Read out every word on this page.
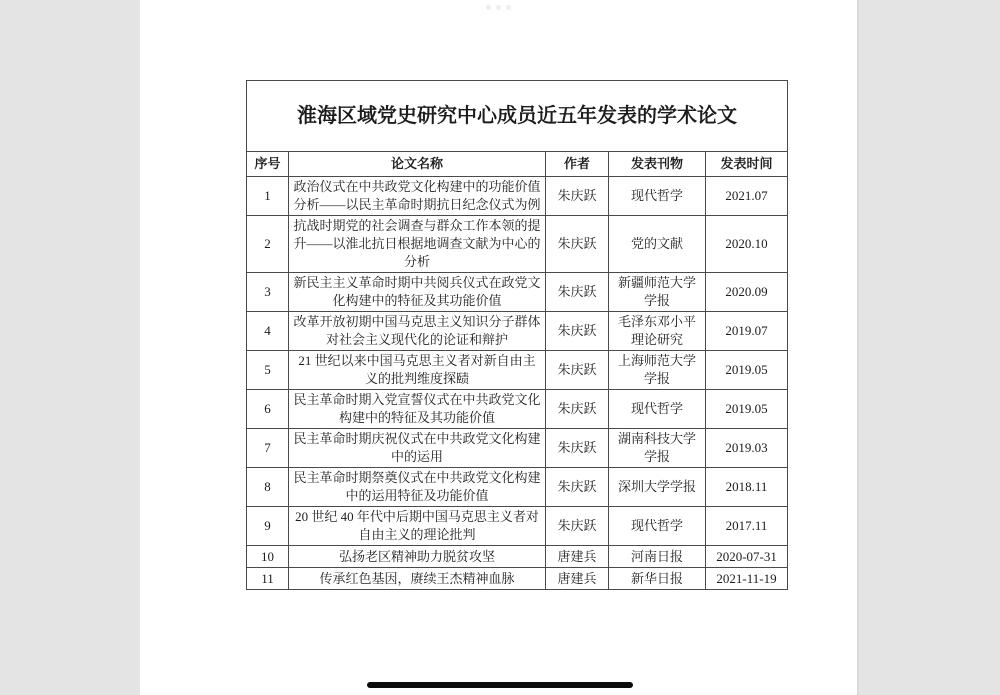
淮海区域党史研究中心成员近五年发表的学术论文				
序号	论文名称	作者	发表刊物	发表时间
1	政治仪式在中共政党文化构建中的功能价值分析——以民主革命时期抗日纪念仪式为例	朱庆跃	现代哲学	2021.07
2	抗战时期党的社会调查与群众工作本领的提升——以淮北抗日根据地调查文献为中心的分析	朱庆跃	党的文献	2020.10
3	新民主主义革命时期中共阅兵仪式在政党文化构建中的特征及其功能价值	朱庆跃	新疆师范大学学报	2020.09
4	改革开放初期中国马克思主义知识分子群体对社会主义现代化的论证和辩护	朱庆跃	毛泽东邓小平理论研究	2019.07
5	21 世纪以来中国马克思主义者对新自由主义的批判维度探赜	朱庆跃	上海师范大学学报	2019.05
6	民主革命时期入党宣誓仪式在中共政党文化构建中的特征及其功能价值	朱庆跃	现代哲学	2019.05
7	民主革命时期庆祝仪式在中共政党文化构建中的运用	朱庆跃	湖南科技大学学报	2019.03
8	民主革命时期祭奠仪式在中共政党文化构建中的运用特征及功能价值	朱庆跃	深圳大学学报	2018.11
9	20 世纪 40 年代中后期中国马克思主义者对自由主义的理论批判	朱庆跃	现代哲学	2017.11
10	弘扬老区精神助力脱贫攻坚	唐建兵	河南日报	2020-07-31
11	传承红色基因，赓续王杰精神血脉	唐建兵	新华日报	2021-11-19
